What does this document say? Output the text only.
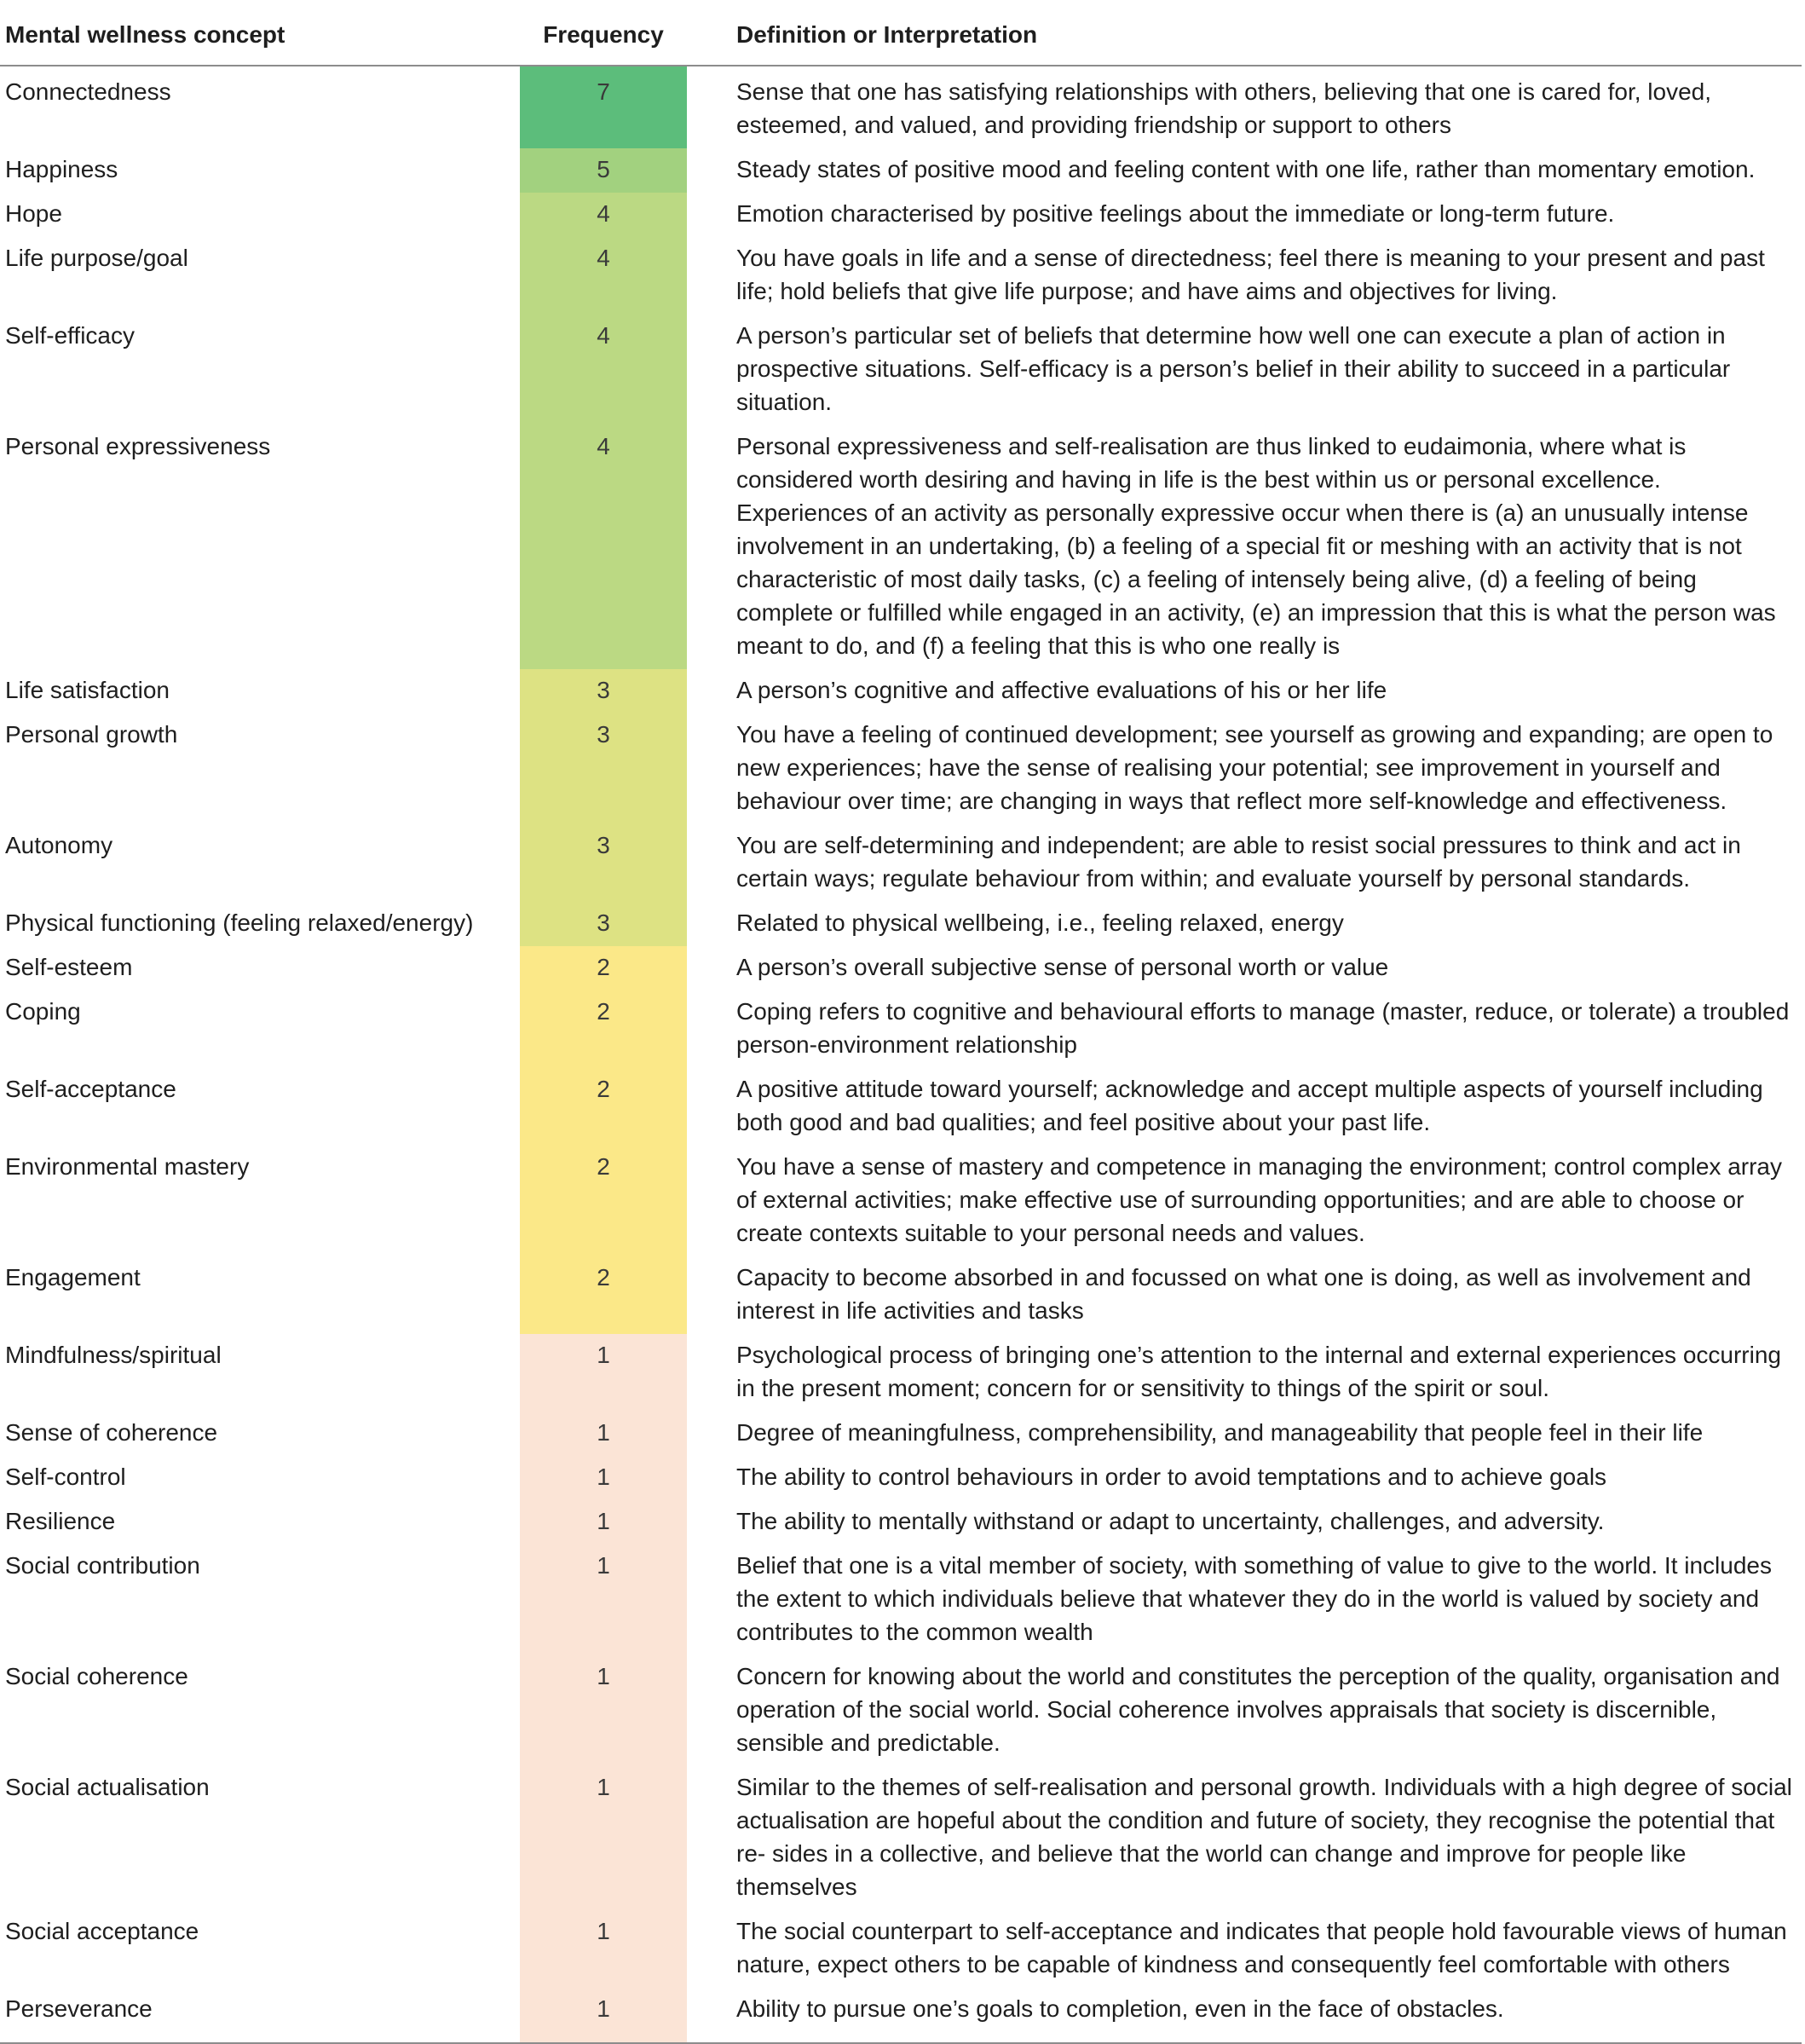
Mental wellness concept	Frequency		Definition or Interpretation
Connectedness	7		Sense that one has satisfying relationships with others, believing that one is cared for, loved, esteemed, and valued, and providing friendship or support to others
Happiness	5		Steady states of positive mood and feeling content with one life, rather than momentary emotion.
Hope	4		Emotion characterised by positive feelings about the immediate or long-term future.
Life purpose/goal	4		You have goals in life and a sense of directedness; feel there is meaning to your present and past life; hold beliefs that give life purpose; and have aims and objectives for living.
Self-efficacy	4		A person’s particular set of beliefs that determine how well one can execute a plan of action in prospective situations. Self-efficacy is a person’s belief in their ability to succeed in a particular situation.
Personal expressiveness	4		Personal expressiveness and self-realisation are thus linked to eudaimonia, where what is considered worth desiring and having in life is the best within us or personal excellence. Experiences of an activity as personally expressive occur when there is (a) an unusually intense involvement in an undertaking, (b) a feeling of a special fit or meshing with an activity that is not characteristic of most daily tasks, (c) a feeling of intensely being alive, (d) a feeling of being complete or fulfilled while engaged in an activity, (e) an impression that this is what the person was meant to do, and (f) a feeling that this is who one really is
Life satisfaction	3		A person’s cognitive and affective evaluations of his or her life
Personal growth	3		You have a feeling of continued development; see yourself as growing and expanding; are open to new experiences; have the sense of realising your potential; see improvement in yourself and behaviour over time; are changing in ways that reflect more self-knowledge and effectiveness.
Autonomy	3		You are self-determining and independent; are able to resist social pressures to think and act in certain ways; regulate behaviour from within; and evaluate yourself by personal standards.
Physical functioning (feeling relaxed/energy)	3		Related to physical wellbeing, i.e., feeling relaxed, energy
Self-esteem	2		A person’s overall subjective sense of personal worth or value
Coping	2		Coping refers to cognitive and behavioural efforts to manage (master, reduce, or tolerate) a troubled person-environment relationship
Self-acceptance	2		A positive attitude toward yourself; acknowledge and accept multiple aspects of yourself including both good and bad qualities; and feel positive about your past life.
Environmental mastery	2		You have a sense of mastery and competence in managing the environment; control complex array of external activities; make effective use of surrounding opportunities; and are able to choose or create contexts suitable to your personal needs and values.
Engagement	2		Capacity to become absorbed in and focussed on what one is doing, as well as involvement and interest in life activities and tasks
Mindfulness/spiritual	1		Psychological process of bringing one’s attention to the internal and external experiences occurring in the present moment; concern for or sensitivity to things of the spirit or soul.
Sense of coherence	1		Degree of meaningfulness, comprehensibility, and manageability that people feel in their life
Self-control	1		The ability to control behaviours in order to avoid temptations and to achieve goals
Resilience	1		The ability to mentally withstand or adapt to uncertainty, challenges, and adversity.
Social contribution	1		Belief that one is a vital member of society, with something of value to give to the world. It includes the extent to which individuals believe that whatever they do in the world is valued by society and contributes to the common wealth
Social coherence	1		Concern for knowing about the world and constitutes the perception of the quality, organisation and operation of the social world. Social coherence involves appraisals that society is discernible, sensible and predictable.
Social actualisation	1		Similar to the themes of self-realisation and personal growth. Individuals with a high degree of social actualisation are hopeful about the condition and future of society, they recognise the potential that re- sides in a collective, and believe that the world can change and improve for people like themselves
Social acceptance	1		The social counterpart to self-acceptance and indicates that people hold favourable views of human nature, expect others to be capable of kindness and consequently feel comfortable with others
Perseverance	1		Ability to pursue one’s goals to completion, even in the face of obstacles.
